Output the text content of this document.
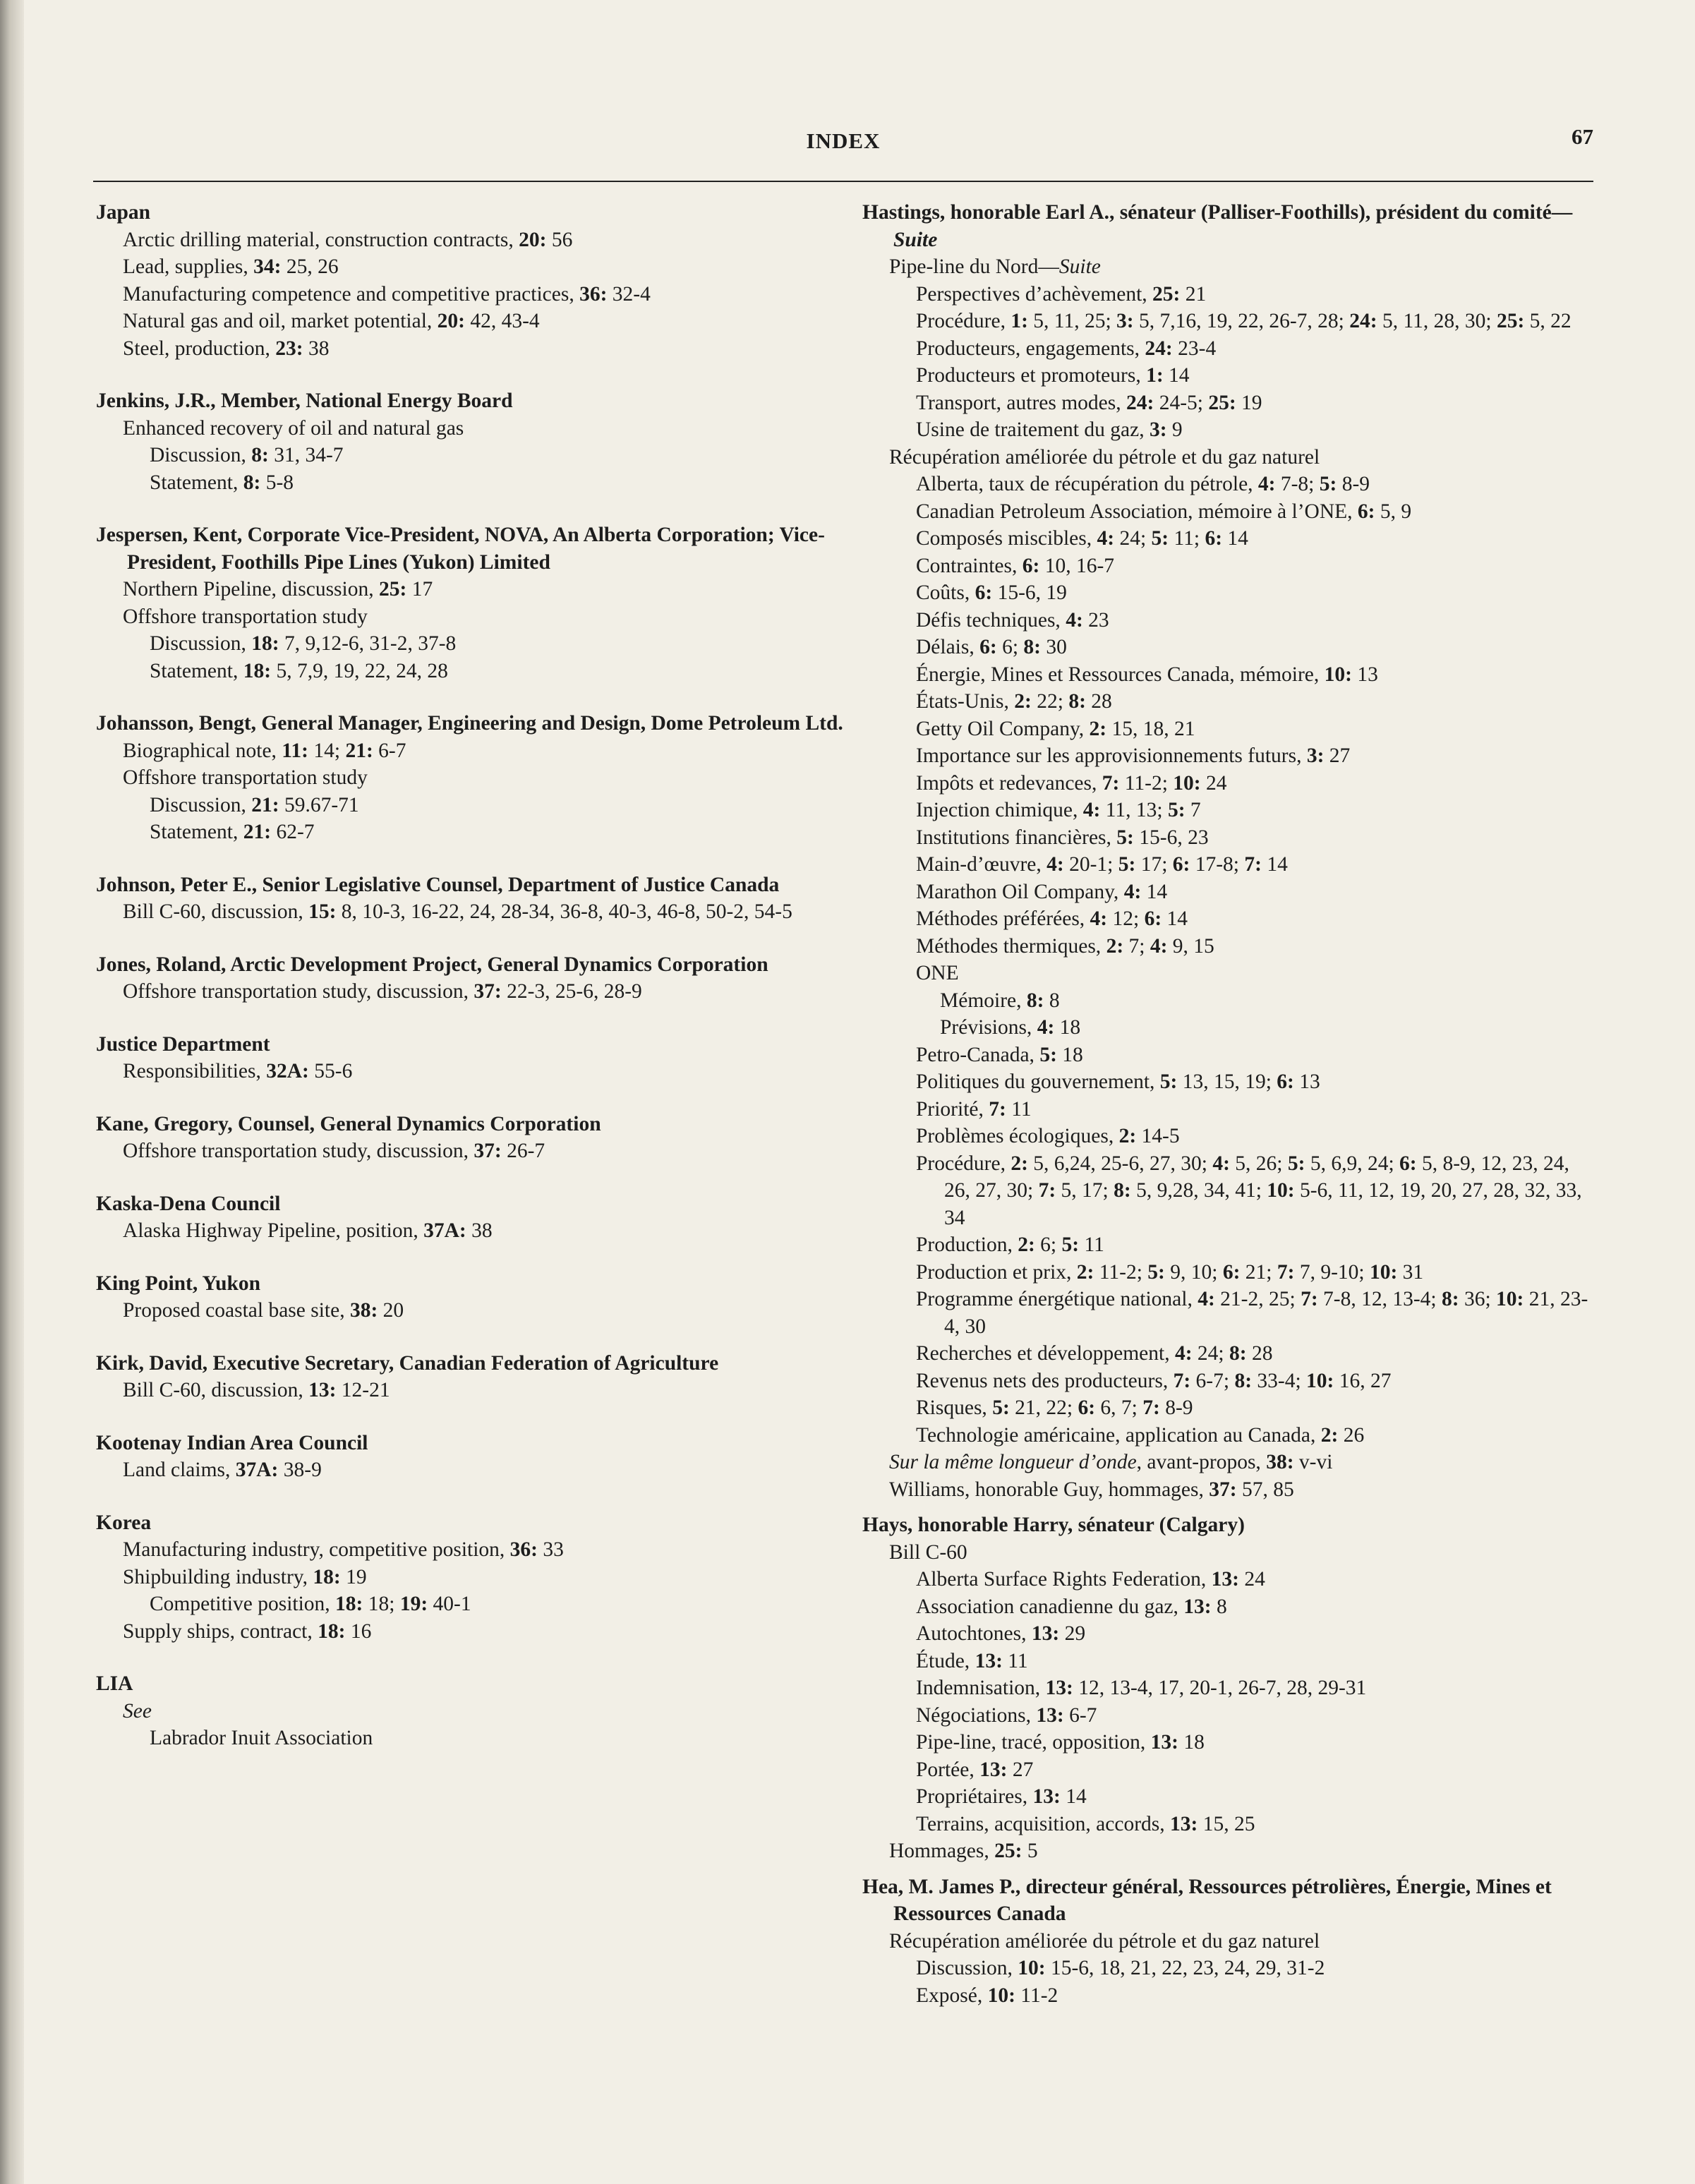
INDEX	67
Japan
Arctic drilling material, construction contracts, 20: 56
Lead, supplies, 34: 25, 26
Manufacturing competence and competitive practices, 36: 32-4
Natural gas and oil, market potential, 20: 42, 43-4
Steel, production, 23: 38
Jenkins, J.R., Member, National Energy Board
Enhanced recovery of oil and natural gas
Discussion, 8: 31, 34-7
Statement, 8: 5-8
Jespersen, Kent, Corporate Vice-President, NOVA, An Alberta Corporation; Vice-President, Foothills Pipe Lines (Yukon) Limited
Northern Pipeline, discussion, 25: 17
Offshore transportation study
Discussion, 18: 7, 9,12-6, 31-2, 37-8
Statement, 18: 5, 7,9, 19, 22, 24, 28
Johansson, Bengt, General Manager, Engineering and Design, Dome Petroleum Ltd.
Biographical note, 11: 14; 21: 6-7
Offshore transportation study
Discussion, 21: 59.67-71
Statement, 21: 62-7
Johnson, Peter E., Senior Legislative Counsel, Department of Justice Canada
Bill C-60, discussion, 15: 8, 10-3, 16-22, 24, 28-34, 36-8, 40-3, 46-8, 50-2, 54-5
Jones, Roland, Arctic Development Project, General Dynamics Corporation
Offshore transportation study, discussion, 37: 22-3, 25-6, 28-9
Justice Department
Responsibilities, 32A: 55-6
Kane, Gregory, Counsel, General Dynamics Corporation
Offshore transportation study, discussion, 37: 26-7
Kaska-Dena Council
Alaska Highway Pipeline, position, 37A: 38
King Point, Yukon
Proposed coastal base site, 38: 20
Kirk, David, Executive Secretary, Canadian Federation of Agriculture
Bill C-60, discussion, 13: 12-21
Kootenay Indian Area Council
Land claims, 37A: 38-9
Korea
Manufacturing industry, competitive position, 36: 33
Shipbuilding industry, 18: 19
Competitive position, 18: 18; 19: 40-1
Supply ships, contract, 18: 16
LIA
See
Labrador Inuit Association
Hastings, honorable Earl A., sénateur (Palliser-Foothills), président du comité—Suite
Pipe-line du Nord—Suite
Perspectives d’achèvement, 25: 21
Procédure, 1: 5, 11, 25; 3: 5, 7,16, 19, 22, 26-7, 28; 24: 5, 11, 28, 30; 25: 5, 22
Producteurs, engagements, 24: 23-4
Producteurs et promoteurs, 1: 14
Transport, autres modes, 24: 24-5; 25: 19
Usine de traitement du gaz, 3: 9
Récupération améliorée du pétrole et du gaz naturel
Alberta, taux de récupération du pétrole, 4: 7-8; 5: 8-9
Canadian Petroleum Association, mémoire à l’ONE, 6: 5, 9
Composés miscibles, 4: 24; 5: 11; 6: 14
Contraintes, 6: 10, 16-7
Coûts, 6: 15-6, 19
Défis techniques, 4: 23
Délais, 6: 6; 8: 30
Énergie, Mines et Ressources Canada, mémoire, 10: 13
États-Unis, 2: 22; 8: 28
Getty Oil Company, 2: 15, 18, 21
Importance sur les approvisionnements futurs, 3: 27
Impôts et redevances, 7: 11-2; 10: 24
Injection chimique, 4: 11, 13; 5: 7
Institutions financières, 5: 15-6, 23
Main-d’œuvre, 4: 20-1; 5: 17; 6: 17-8; 7: 14
Marathon Oil Company, 4: 14
Méthodes préférées, 4: 12; 6: 14
Méthodes thermiques, 2: 7; 4: 9, 15
ONE
Mémoire, 8: 8
Prévisions, 4: 18
Petro-Canada, 5: 18
Politiques du gouvernement, 5: 13, 15, 19; 6: 13
Priorité, 7: 11
Problèmes écologiques, 2: 14-5
Procédure, 2: 5, 6,24, 25-6, 27, 30; 4: 5, 26; 5: 5, 6,9, 24; 6: 5, 8-9, 12, 23, 24, 26, 27, 30; 7: 5, 17; 8: 5, 9,28, 34, 41; 10: 5-6, 11, 12, 19, 20, 27, 28, 32, 33, 34
Production, 2: 6; 5: 11
Production et prix, 2: 11-2; 5: 9, 10; 6: 21; 7: 7, 9-10; 10: 31
Programme énergétique national, 4: 21-2, 25; 7: 7-8, 12, 13-4; 8: 36; 10: 21, 23-4, 30
Recherches et développement, 4: 24; 8: 28
Revenus nets des producteurs, 7: 6-7; 8: 33-4; 10: 16, 27
Risques, 5: 21, 22; 6: 6, 7; 7: 8-9
Technologie américaine, application au Canada, 2: 26
Sur la même longueur d’onde, avant-propos, 38: v-vi
Williams, honorable Guy, hommages, 37: 57, 85
Hays, honorable Harry, sénateur (Calgary)
Bill C-60
Alberta Surface Rights Federation, 13: 24
Association canadienne du gaz, 13: 8
Autochtones, 13: 29
Étude, 13: 11
Indemnisation, 13: 12, 13-4, 17, 20-1, 26-7, 28, 29-31
Négociations, 13: 6-7
Pipe-line, tracé, opposition, 13: 18
Portée, 13: 27
Propriétaires, 13: 14
Terrains, acquisition, accords, 13: 15, 25
Hommages, 25: 5
Hea, M. James P., directeur général, Ressources pétrolières, Énergie, Mines et Ressources Canada
Récupération améliorée du pétrole et du gaz naturel
Discussion, 10: 15-6, 18, 21, 22, 23, 24, 29, 31-2
Exposé, 10: 11-2
